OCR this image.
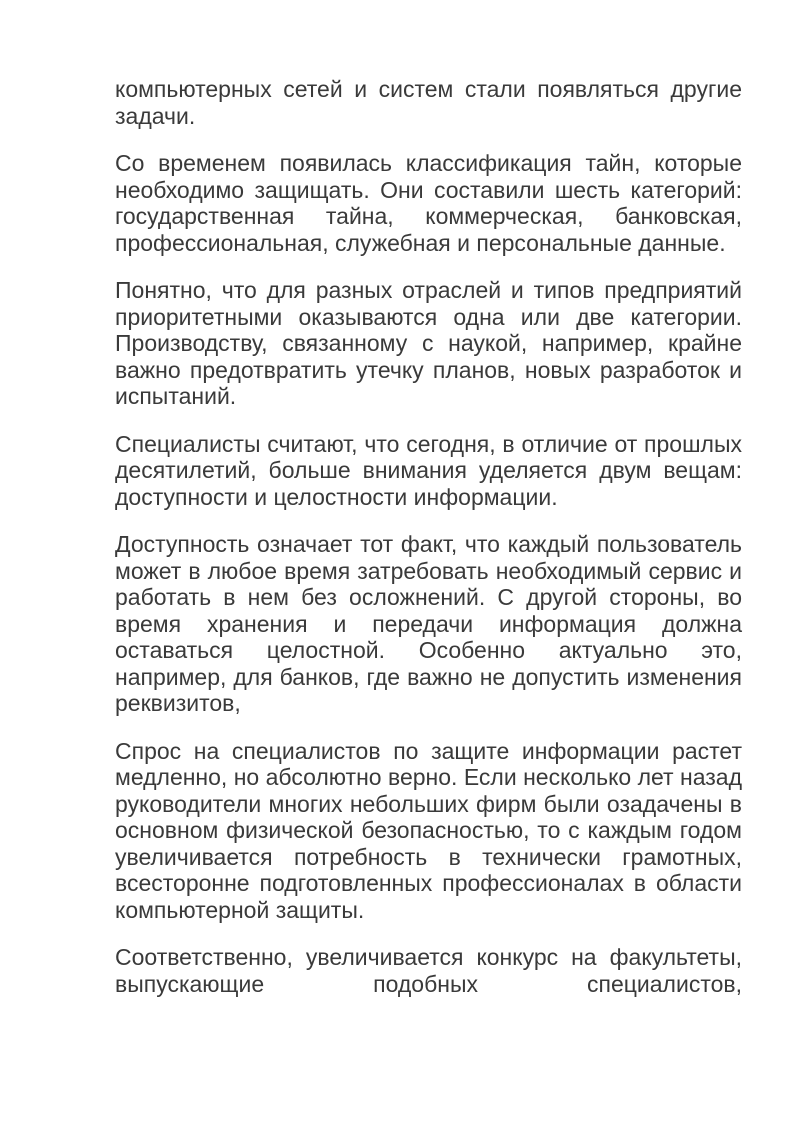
компьютерных сетей и систем стали появляться другие задачи.

Со временем появилась классификация тайн, которые необходимо защищать. Они составили шесть категорий: государственная тайна, коммерческая, банковская, профессиональная, служебная и персональные данные.

Понятно, что для разных отраслей и типов предприятий приоритетными оказываются одна или две категории. Производству, связанному с наукой, например, крайне важно предотвратить утечку планов, новых разработок и испытаний.

Специалисты считают, что сегодня, в отличие от прошлых десятилетий, больше внимания уделяется двум вещам: доступности и целостности информации.

Доступность означает тот факт, что каждый пользователь может в любое время затребовать необходимый сервис и работать в нем без осложнений. С другой стороны, во время хранения и передачи информация должна оставаться целостной. Особенно актуально это, например, для банков, где важно не допустить изменения реквизитов,

Спрос на специалистов по защите информации растет медленно, но абсолютно верно. Если несколько лет назад руководители многих небольших фирм были озадачены в основном физической безопасностью, то с каждым годом увеличивается потребность в технически грамотных, всесторонне подготовленных профессионалах в области компьютерной защиты.

Соответственно, увеличивается конкурс на факультеты, выпускающие подобных специалистов,
